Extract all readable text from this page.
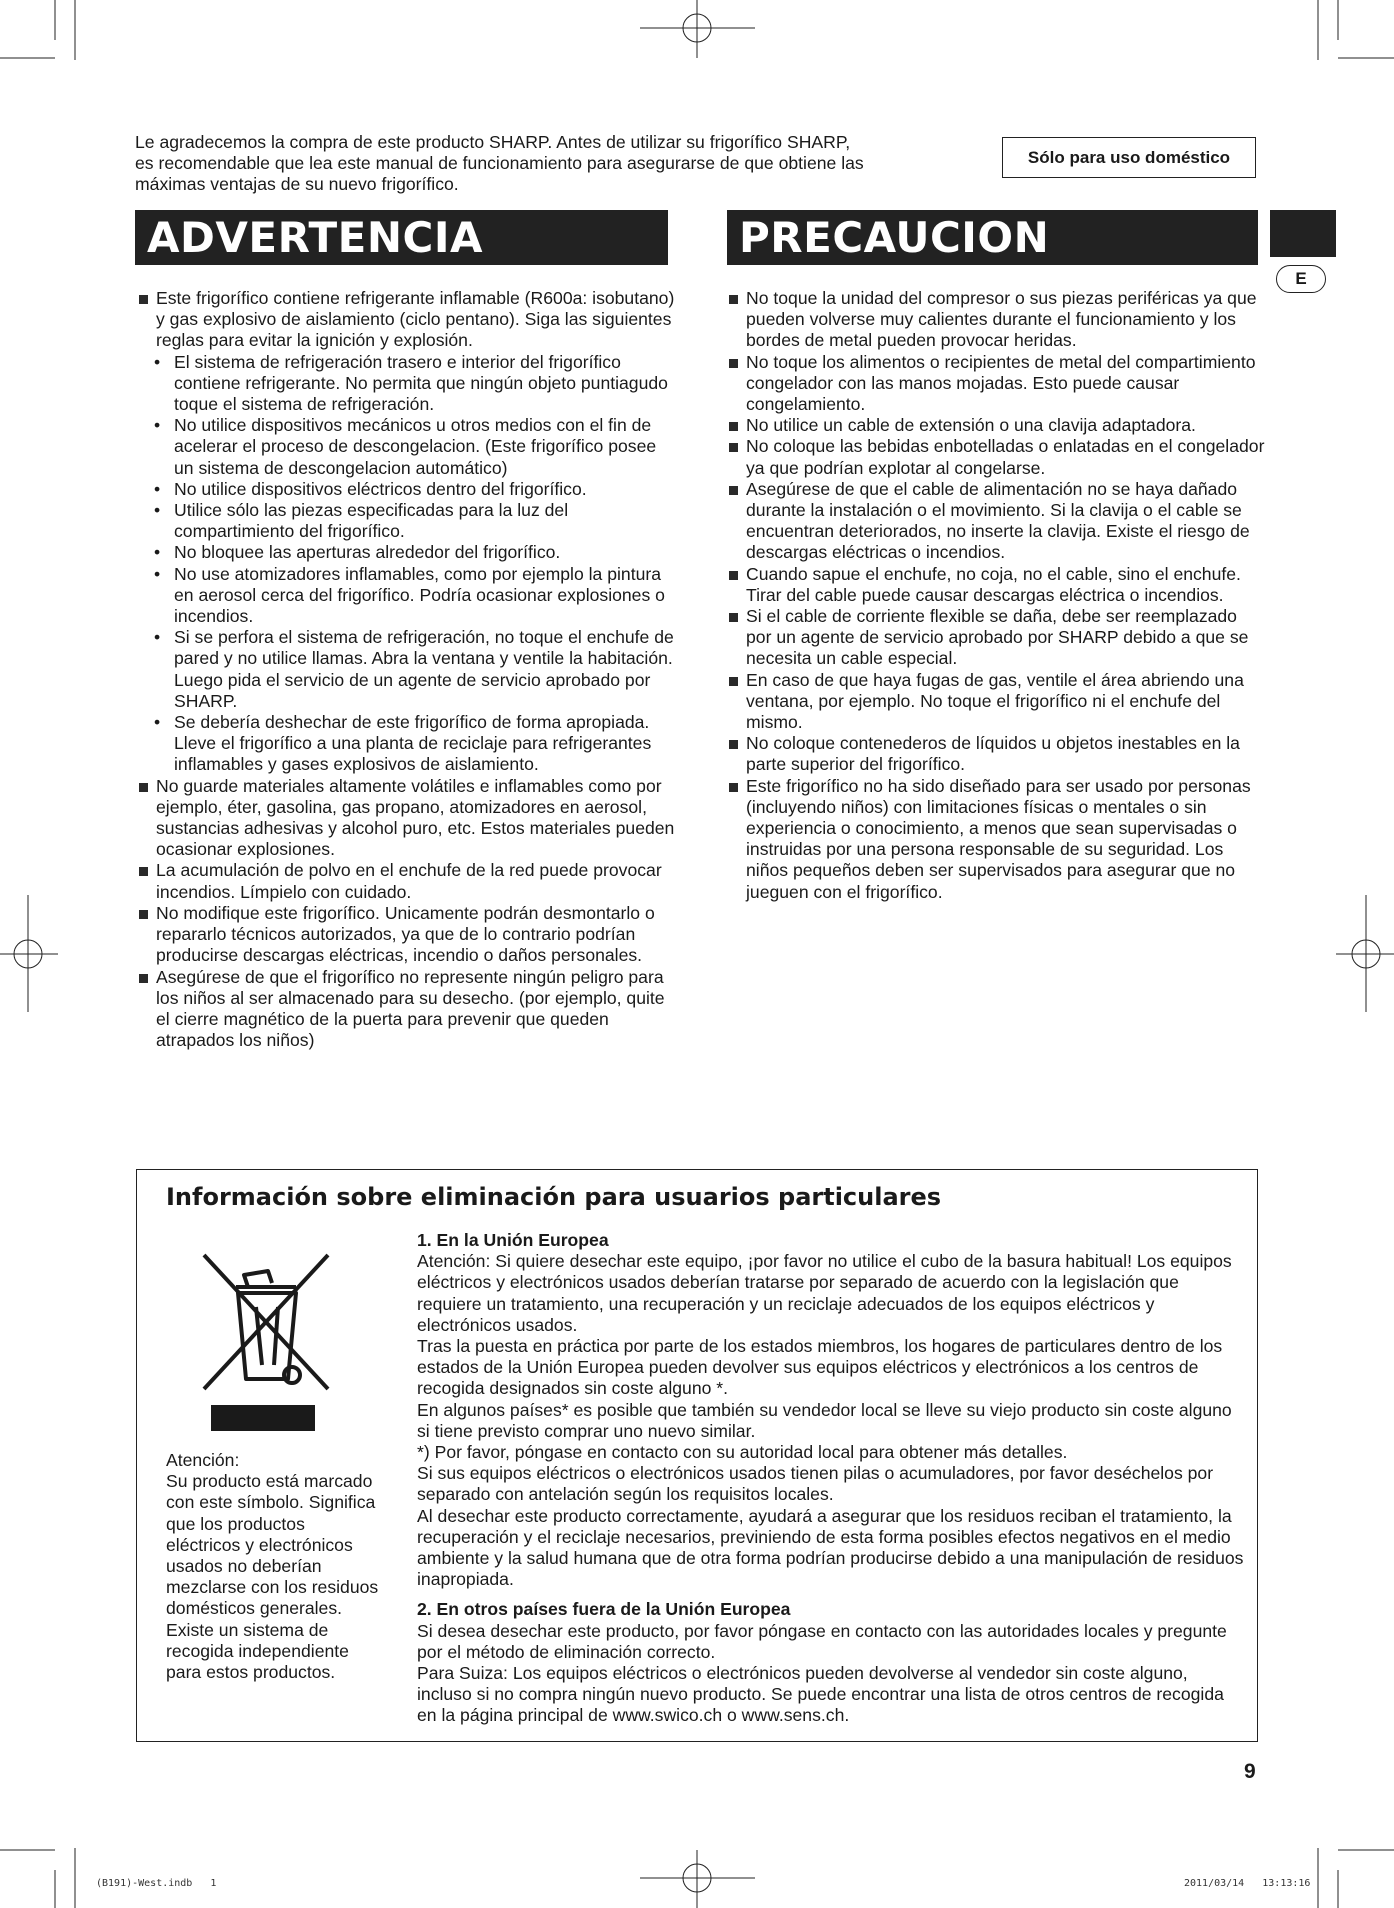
Le agradecemos la compra de este producto SHARP. Antes de utilizar su frigorífico SHARP,
es recomendable que lea este manual de funcionamiento para asegurarse de que obtiene las
máximas ventajas de su nuevo frigorífico.
Sólo para uso doméstico
ADVERTENCIA	PRECAUCION
E
Este frigorífico contiene refrigerante inflamable (R600a: isobutano) y gas explosivo de aislamiento (ciclo pentano). Siga las siguientes reglas para evitar la ignición y explosión.
• El sistema de refrigeración trasero e interior del frigorífico contiene refrigerante. No permita que ningún objeto puntiagudo toque el sistema de refrigeración.
• No utilice dispositivos mecánicos u otros medios con el fin de acelerar el proceso de descongelacion. (Este frigorífico posee un sistema de descongelacion automático)
• No utilice dispositivos eléctricos dentro del frigorífico.
• Utilice sólo las piezas especificadas para la luz del compartimiento del frigorífico.
• No bloquee las aperturas alrededor del frigorífico.
• No use atomizadores inflamables, como por ejemplo la pintura en aerosol cerca del frigorífico. Podría ocasionar explosiones o incendios.
• Si se perfora el sistema de refrigeración, no toque el enchufe de pared y no utilice llamas. Abra la ventana y ventile la habitación. Luego pida el servicio de un agente de servicio aprobado por SHARP.
• Se debería deshechar de este frigorífico de forma apropiada. Lleve el frigorífico a una planta de reciclaje para refrigerantes inflamables y gases explosivos de aislamiento.
No guarde materiales altamente volátiles e inflamables como por ejemplo, éter, gasolina, gas propano, atomizadores en aerosol, sustancias adhesivas y alcohol puro, etc. Estos materiales pueden ocasionar explosiones.
La acumulación de polvo en el enchufe de la red puede provocar incendios. Límpielo con cuidado.
No modifique este frigorífico. Unicamente podrán desmontarlo o repararlo técnicos autorizados, ya que de lo contrario podrían producirse descargas eléctricas, incendio o daños personales.
Asegúrese de que el frigorífico no represente ningún peligro para los niños al ser almacenado para su desecho. (por ejemplo, quite el cierre magnético de la puerta para prevenir que queden atrapados los niños)
No toque la unidad del compresor o sus piezas periféricas ya que pueden volverse muy calientes durante el funcionamiento y los bordes de metal pueden provocar heridas.
No toque los alimentos o recipientes de metal del compartimiento congelador con las manos mojadas. Esto puede causar congelamiento.
No utilice un cable de extensión o una clavija adaptadora.
No coloque las bebidas enbotelladas o enlatadas en el congelador ya que podrían explotar al congelarse.
Asegúrese de que el cable de alimentación no se haya dañado durante la instalación o el movimiento. Si la clavija o el cable se encuentran deteriorados, no inserte la clavija. Existe el riesgo de descargas eléctricas o incendios.
Cuando sapue el enchufe, no coja, no el cable, sino el enchufe. Tirar del cable puede causar descargas eléctrica o incendios.
Si el cable de corriente flexible se daña, debe ser reemplazado por un agente de servicio aprobado por SHARP debido a que se necesita un cable especial.
En caso de que haya fugas de gas, ventile el área abriendo una ventana, por ejemplo. No toque el frigorífico ni el enchufe del mismo.
No coloque contenederos de líquidos u objetos inestables en la parte superior del frigorífico.
Este frigorífico no ha sido diseñado para ser usado por personas (incluyendo niños) con limitaciones físicas o mentales o sin experiencia o conocimiento, a menos que sean supervisadas o instruidas por una persona responsable de su seguridad. Los niños pequeños deben ser supervisados para asegurar que no jueguen con el frigorífico.
Información sobre eliminación para usuarios particulares
Atención:
Su producto está marcado con este símbolo. Significa que los productos eléctricos y electrónicos usados no deberían mezclarse con los residuos domésticos generales. Existe un sistema de recogida independiente para estos productos.
1. En la Unión Europea

Atención: Si quiere desechar este equipo, ¡por favor no utilice el cubo de la basura habitual! Los equipos eléctricos y electrónicos usados deberían tratarse por separado de acuerdo con la legislación que requiere un tratamiento, una recuperación y un reciclaje adecuados de los equipos eléctricos y electrónicos usados.

Tras la puesta en práctica por parte de los estados miembros, los hogares de particulares dentro de los estados de la Unión Europea pueden devolver sus equipos eléctricos y electrónicos a los centros de recogida designados sin coste alguno *.

En algunos países* es posible que también su vendedor local se lleve su viejo producto sin coste alguno si tiene previsto comprar uno nuevo similar.

*) Por favor, póngase en contacto con su autoridad local para obtener más detalles.

Si sus equipos eléctricos o electrónicos usados tienen pilas o acumuladores, por favor deséchelos por separado con antelación según los requisitos locales.

Al desechar este producto correctamente, ayudará a asegurar que los residuos reciban el tratamiento, la recuperación y el reciclaje necesarios, previniendo de esta forma posibles efectos negativos en el medio ambiente y la salud humana que de otra forma podrían producirse debido a una manipulación de residuos inapropiada.

2. En otros países fuera de la Unión Europea

Si desea desechar este producto, por favor póngase en contacto con las autoridades locales y pregunte por el método de eliminación correcto.

Para Suiza: Los equipos eléctricos o electrónicos pueden devolverse al vendedor sin coste alguno, incluso si no compra ningún nuevo producto. Se puede encontrar una lista de otros centros de recogida en la página principal de www.swico.ch o www.sens.ch.

9
(B191)-West.indb   1	2011/03/14   13:13:16
